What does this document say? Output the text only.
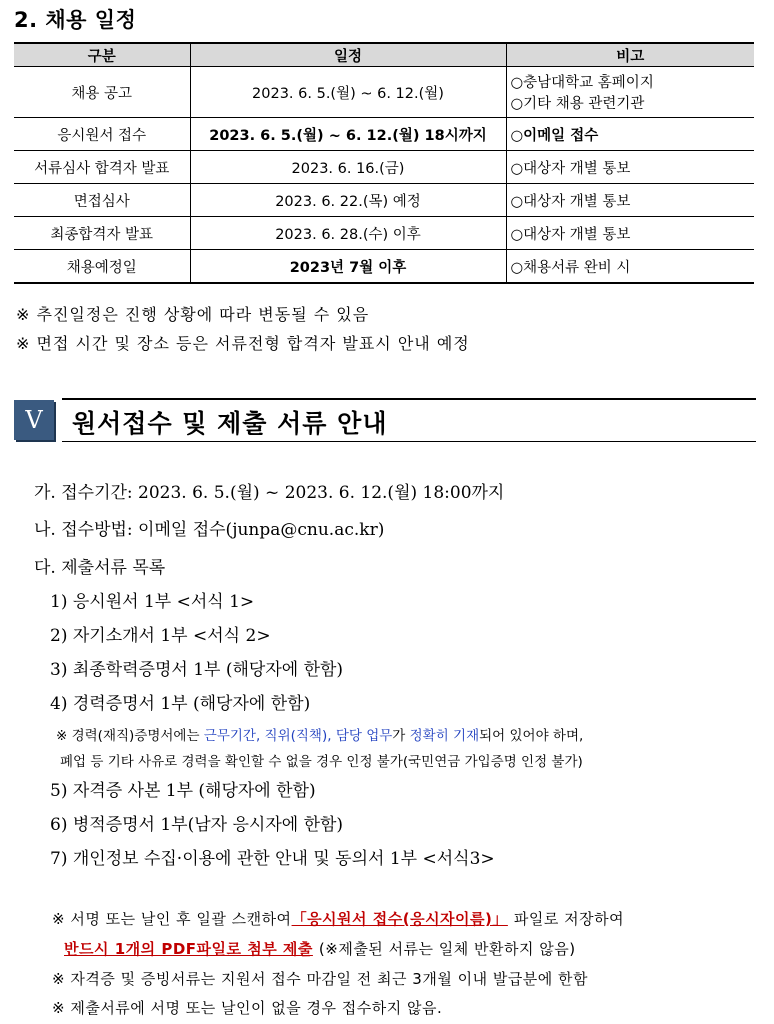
2. 채용 일정
구분	일정	비고
채용 공고	2023. 6. 5.(월) ~ 6. 12.(월)	○충남대학교 홈페이지
○기타 채용 관련기관

응시원서 접수	2023. 6. 5.(월) ~ 6. 12.(월) 18시까지	○이메일 접수
서류심사 합격자 발표	2023. 6. 16.(금)	○대상자 개별 통보
면접심사	2023. 6. 22.(목) 예정	○대상자 개별 통보
최종합격자 발표	2023. 6. 28.(수) 이후	○대상자 개별 통보
채용예정일	2023년 7월 이후	○채용서류 완비 시
※ 추진일정은 진행 상황에 따라 변동될 수 있음
※ 면접 시간 및 장소 등은 서류전형 합격자 발표시 안내 예정
Ⅴ	원서접수 및 제출 서류 안내
가. 접수기간: 2023. 6. 5.(월) ~ 2023. 6. 12.(월) 18:00까지
나. 접수방법: 이메일 접수(junpa@cnu.ac.kr)
다. 제출서류 목록
1) 응시원서 1부 <서식 1>
2) 자기소개서 1부 <서식 2>
3) 최종학력증명서 1부 (해당자에 한함)
4) 경력증명서 1부 (해당자에 한함)
※ 경력(재직)증명서에는 근무기간, 직위(직책), 담당 업무가 정확히 기재되어 있어야 하며,
폐업 등 기타 사유로 경력을 확인할 수 없을 경우 인정 불가(국민연금 가입증명 인정 불가)
5) 자격증 사본 1부 (해당자에 한함)
6) 병적증명서 1부(남자 응시자에 한함)
7) 개인정보 수집·이용에 관한 안내 및 동의서 1부 <서식3>
※ 서명 또는 날인 후 일괄 스캔하여「응시원서 접수(응시자이름)」 파일로 저장하여
반드시 1개의 PDF파일로 첨부 제출 (※제출된 서류는 일체 반환하지 않음)
※ 자격증 및 증빙서류는 지원서 접수 마감일 전 최근 3개월 이내 발급분에 한함
※ 제출서류에 서명 또는 날인이 없을 경우 접수하지 않음.
